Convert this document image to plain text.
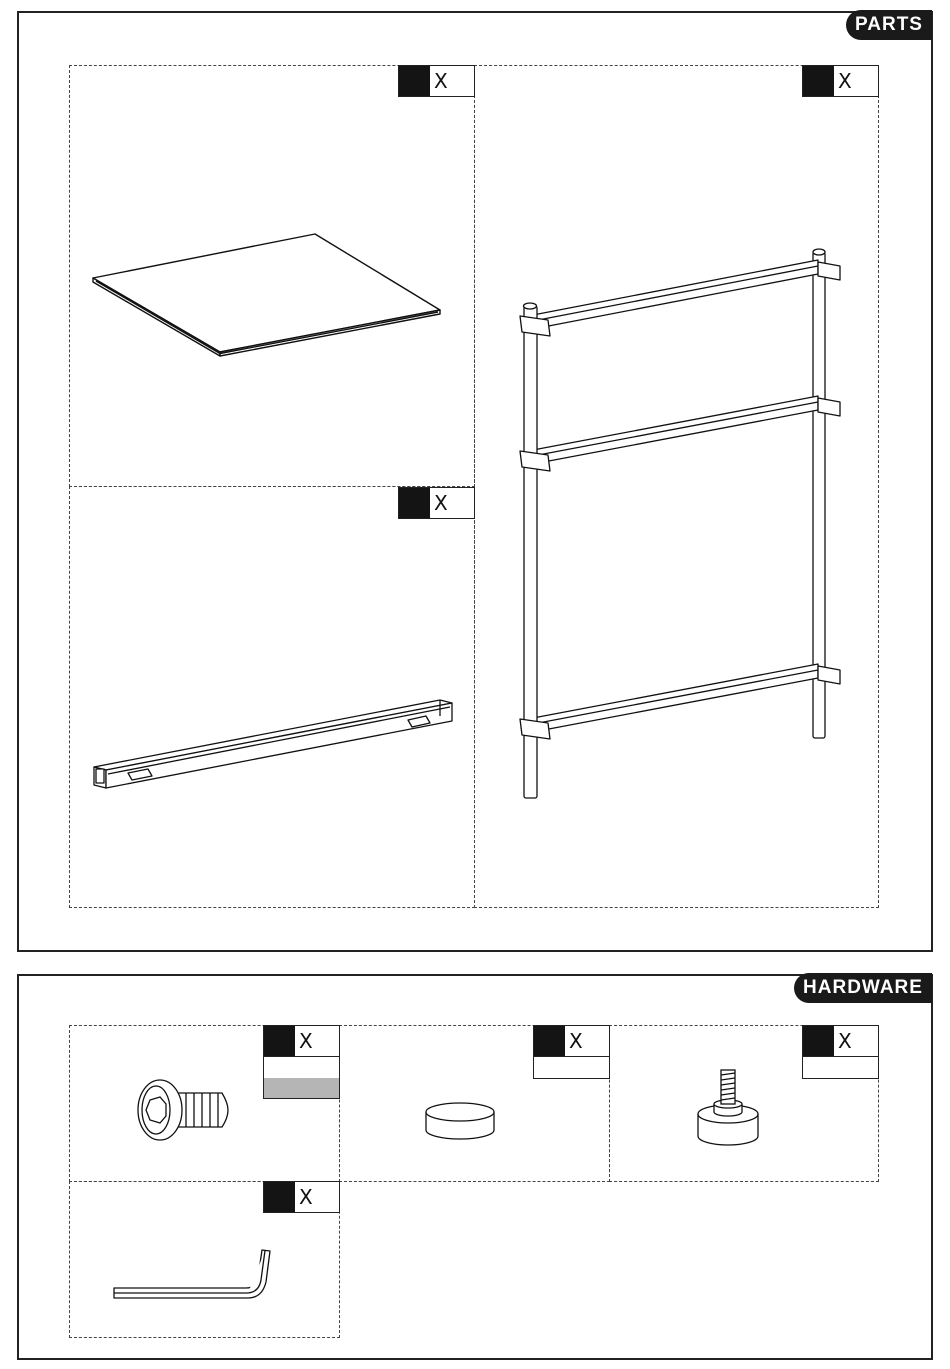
PARTS
X	X
X
HARDWARE
X	X	X
X
